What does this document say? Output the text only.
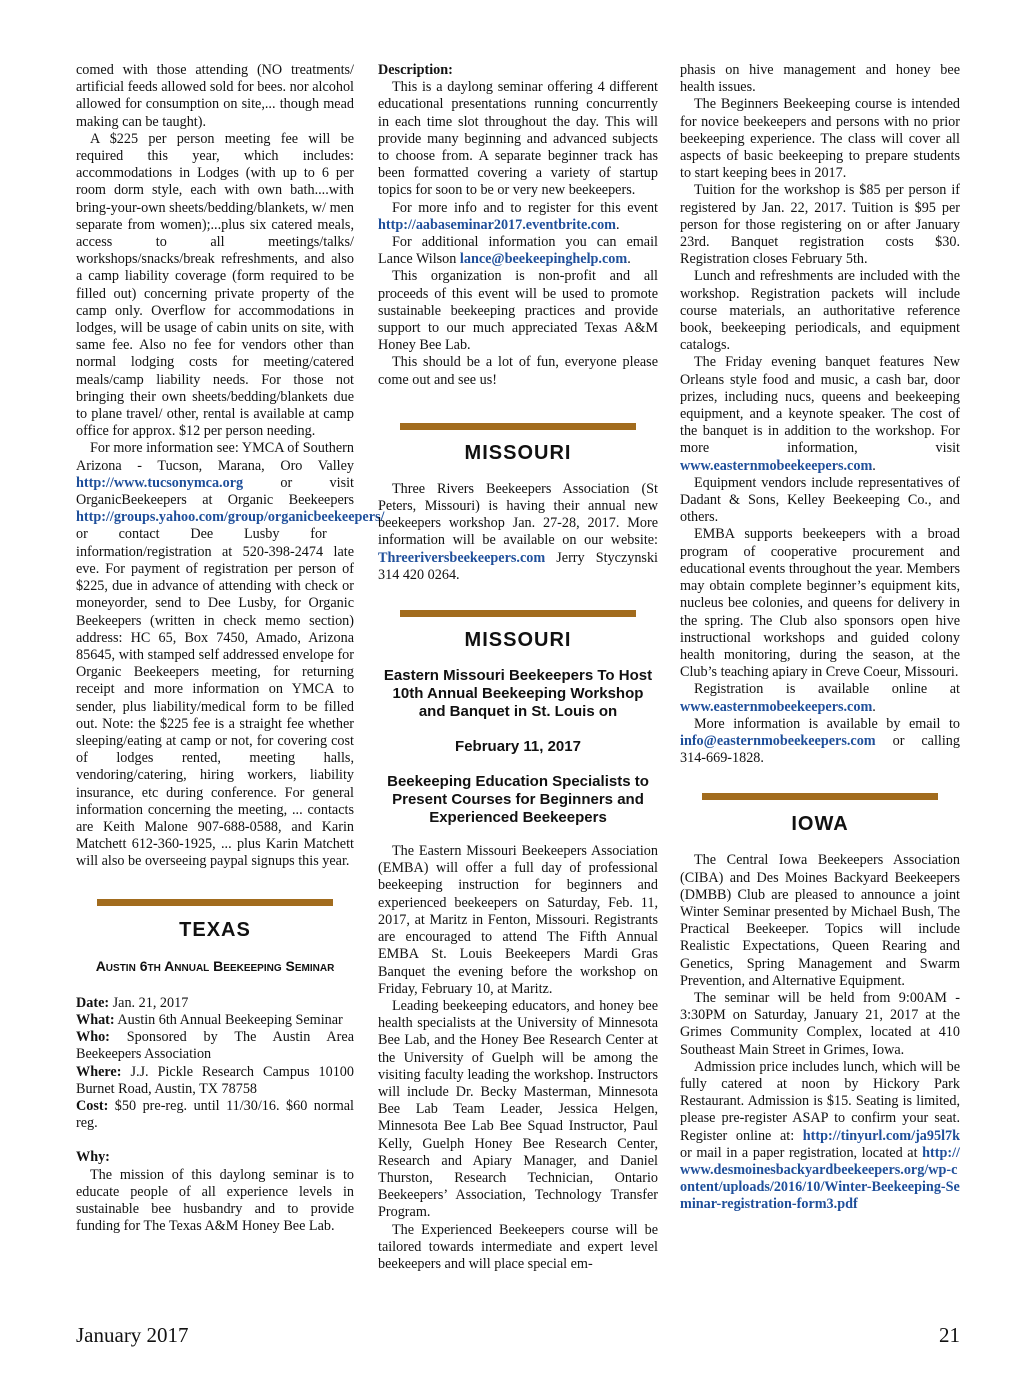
comed with those attending (NO treatments/ artificial feeds allowed sold for bees. nor alcohol allowed for consumption on site,... though mead making can be taught).

A $225 per person meeting fee will be required this year, which includes: accommodations in Lodges (with up to 6 per room dorm style, each with own bath....with bring-your-own sheets/bedding/blankets, w/ men separate from women);...plus six catered meals, access to all meetings/talks/ workshops/snacks/break refreshments, and also a camp liability coverage (form required to be filled out) concerning private property of the camp only. Overflow for accommodations in lodges, will be usage of cabin units on site, with same fee. Also no fee for vendors other than normal lodging costs for meeting/catered meals/camp liability needs. For those not bringing their own sheets/bedding/blankets due to plane travel/ other, rental is available at camp office for approx. $12 per person needing.

For more information see: YMCA of Southern Arizona - Tucson, Marana, Oro Valley http://www.tucsonymca.org or visit OrganicBeekeepers at Organic Beekeepers http://groups.yahoo.com/group/organicbeekeepers/ or contact Dee Lusby for information/registration at 520-398-2474 late eve. For payment of registration per person of $225, due in advance of attending with check or moneyorder, send to Dee Lusby, for Organic Beekeepers (written in check memo section) address: HC 65, Box 7450, Amado, Arizona 85645, with stamped self addressed envelope for Organic Beekeepers meeting, for returning receipt and more information on YMCA to sender, plus liability/medical form to be filled out. Note: the $225 fee is a straight fee whether sleeping/eating at camp or not, for covering cost of lodges rented, meeting halls, vendoring/catering, hiring workers, liability insurance, etc during conference. For general information concerning the meeting, ... contacts are Keith Malone 907-688-0588, and Karin Matchett 612-360-1925, ... plus Karin Matchett will also be overseeing paypal signups this year.

TEXAS
Austin 6th Annual Beekeeping Seminar

Date: Jan. 21, 2017

What: Austin 6th Annual Beekeeping Seminar

Who: Sponsored by The Austin Area Beekeepers Association

Where: J.J. Pickle Research Campus 10100 Burnet Road, Austin, TX 78758

Cost: $50 pre-reg. until 11/30/16. $60 normal reg.

Why:

The mission of this daylong seminar is to educate people of all experience levels in sustainable bee husbandry and to provide funding for The Texas A&M Honey Bee Lab.

Description:

This is a daylong seminar offering 4 different educational presentations running concurrently in each time slot throughout the day. This will provide many beginning and advanced subjects to choose from. A separate beginner track has been formatted covering a variety of startup topics for soon to be or very new beekeepers.

For more info and to register for this event http://aabaseminar2017.eventbrite.com.

For additional information you can email Lance Wilson lance@beekeepinghelp.com.

This organization is non-profit and all proceeds of this event will be used to promote sustainable beekeeping practices and provide support to our much appreciated Texas A&M Honey Bee Lab.

This should be a lot of fun, everyone please come out and see us!

MISSOURI

Three Rivers Beekeepers Association (St Peters, Missouri) is having their annual new beekeepers workshop Jan. 27-28, 2017. More information will be available on our website: Threeriversbeekeepers.com Jerry Styczynski 314 420 0264.

MISSOURI
Eastern Missouri Beekeepers To Host 10th Annual Beekeeping Workshop and Banquet in St. Louis on
February 11, 2017
Beekeeping Education Specialists to Present Courses for Beginners and Experienced Beekeepers

The Eastern Missouri Beekeepers Association (EMBA) will offer a full day of professional beekeeping instruction for beginners and experienced beekeepers on Saturday, Feb. 11, 2017, at Maritz in Fenton, Missouri. Registrants are encouraged to attend The Fifth Annual EMBA St. Louis Beekeepers Mardi Gras Banquet the evening before the workshop on Friday, February 10, at Maritz.

Leading beekeeping educators, and honey bee health specialists at the University of Minnesota Bee Lab, and the Honey Bee Research Center at the University of Guelph will be among the visiting faculty leading the workshop. Instructors will include Dr. Becky Masterman, Minnesota Bee Lab Team Leader, Jessica Helgen, Minnesota Bee Lab Bee Squad Instructor, Paul Kelly, Guelph Honey Bee Research Center, Research and Apiary Manager, and Daniel Thurston, Research Technician, Ontario Beekeepers’ Association, Technology Transfer Program.

The Experienced Beekeepers course will be tailored towards intermediate and expert level beekeepers and will place special em-

phasis on hive management and honey bee health issues.

The Beginners Beekeeping course is intended for novice beekeepers and persons with no prior beekeeping experience. The class will cover all aspects of basic beekeeping to prepare students to start keeping bees in 2017.

Tuition for the workshop is $85 per person if registered by Jan. 22, 2017. Tuition is $95 per person for those registering on or after January 23rd. Banquet registration costs $30. Registration closes February 5th.

Lunch and refreshments are included with the workshop. Registration packets will include course materials, an authoritative reference book, beekeeping periodicals, and equipment catalogs.

The Friday evening banquet features New Orleans style food and music, a cash bar, door prizes, including nucs, queens and beekeeping equipment, and a keynote speaker. The cost of the banquet is in addition to the workshop. For more information, visit www.easternmobeekeepers.com.

Equipment vendors include representatives of Dadant & Sons, Kelley Beekeeping Co., and others.

EMBA supports beekeepers with a broad program of cooperative procurement and educational events throughout the year. Members may obtain complete beginner’s equipment kits, nucleus bee colonies, and queens for delivery in the spring. The Club also sponsors open hive instructional workshops and guided colony health monitoring, during the season, at the Club’s teaching apiary in Creve Coeur, Missouri.

Registration is available online at www.easternmobeekeepers.com.

More information is available by email to info@easternmobeekeepers.com or calling 314-669-1828.

IOWA

The Central Iowa Beekeepers Association (CIBA) and Des Moines Backyard Beekeepers (DMBB) Club are pleased to announce a joint Winter Seminar presented by Michael Bush, The Practical Beekeeper. Topics will include Realistic Expectations, Queen Rearing and Genetics, Spring Management and Swarm Prevention, and Alternative Equipment.

The seminar will be held from 9:00AM - 3:30PM on Saturday, January 21, 2017 at the Grimes Community Complex, located at 410 Southeast Main Street in Grimes, Iowa.

Admission price includes lunch, which will be fully catered at noon by Hickory Park Restaurant. Admission is $15. Seating is limited, please pre-register ASAP to confirm your seat. Register online at: http://tinyurl.com/ja95l7k or mail in a paper registration, located at http://www.desmoinesbackyardbeekeepers.org/wp-content/uploads/2016/10/Winter-Beekeeping-Seminar-registration-form3.pdf

January 2017	21
